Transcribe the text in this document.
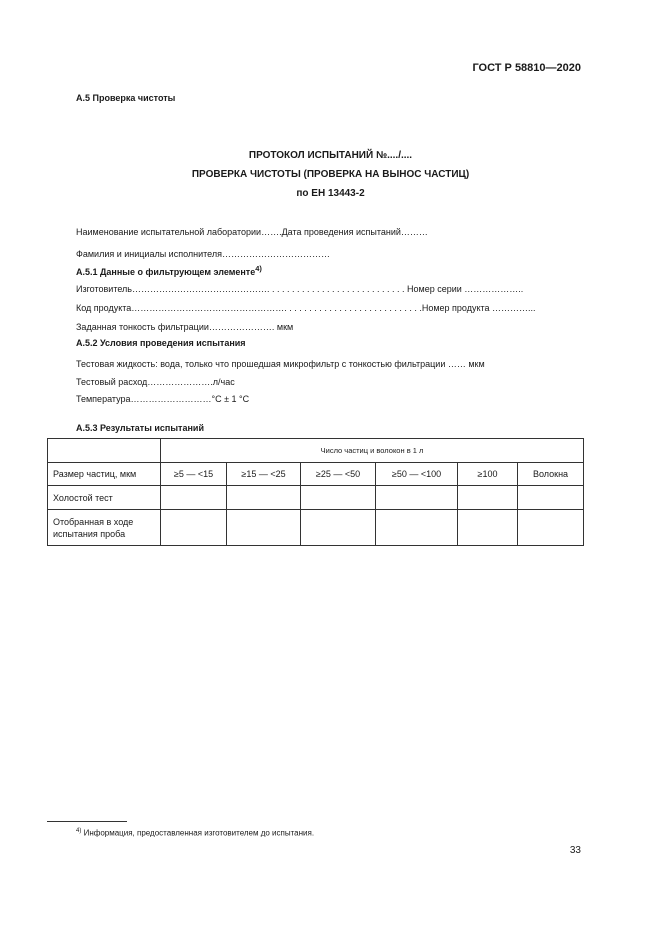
ГОСТ Р 58810—2020
А.5 Проверка чистоты
ПРОТОКОЛ ИСПЫТАНИЙ №..../....
ПРОВЕРКА ЧИСТОТЫ (ПРОВЕРКА НА ВЫНОС ЧАСТИЦ)
по ЕН 13443-2
Наименование испытательной лаборатории…….Дата проведения испытаний………
Фамилия и инициалы исполнителя………………………………
А.5.1 Данные о фильтрующем элементе$^{4)}$
Изготовитель………………………………………. . . . . . . . . . . . . . . . . . . . . . . . . . . . Номер серии ………………..
Код продукта……………………………………………. . . . . . . . . . . . . . . . . . . . . . . . . . . .Номер продукта …………...
Заданная тонкость фильтрации…………………. мкм
А.5.2 Условия проведения испытания
Тестовая жидкость: вода, только что прошедшая микрофильтр с тонкостью фильтрации …… мкм
Тестовый расход………………….л/час
Температура………………………°С ± 1 °С
А.5.3 Результаты испытаний
	Число частиц и волокон в 1 л					
Размер частиц, мкм	≥5 — <15	≥15 — <25	≥25 — <50	≥50 — <100	≥100	Волокна
Холостой тест						
Отобранная в ходе испытания проба						
$^{4)}$ Информация, предоставленная изготовителем до испытания.
33
